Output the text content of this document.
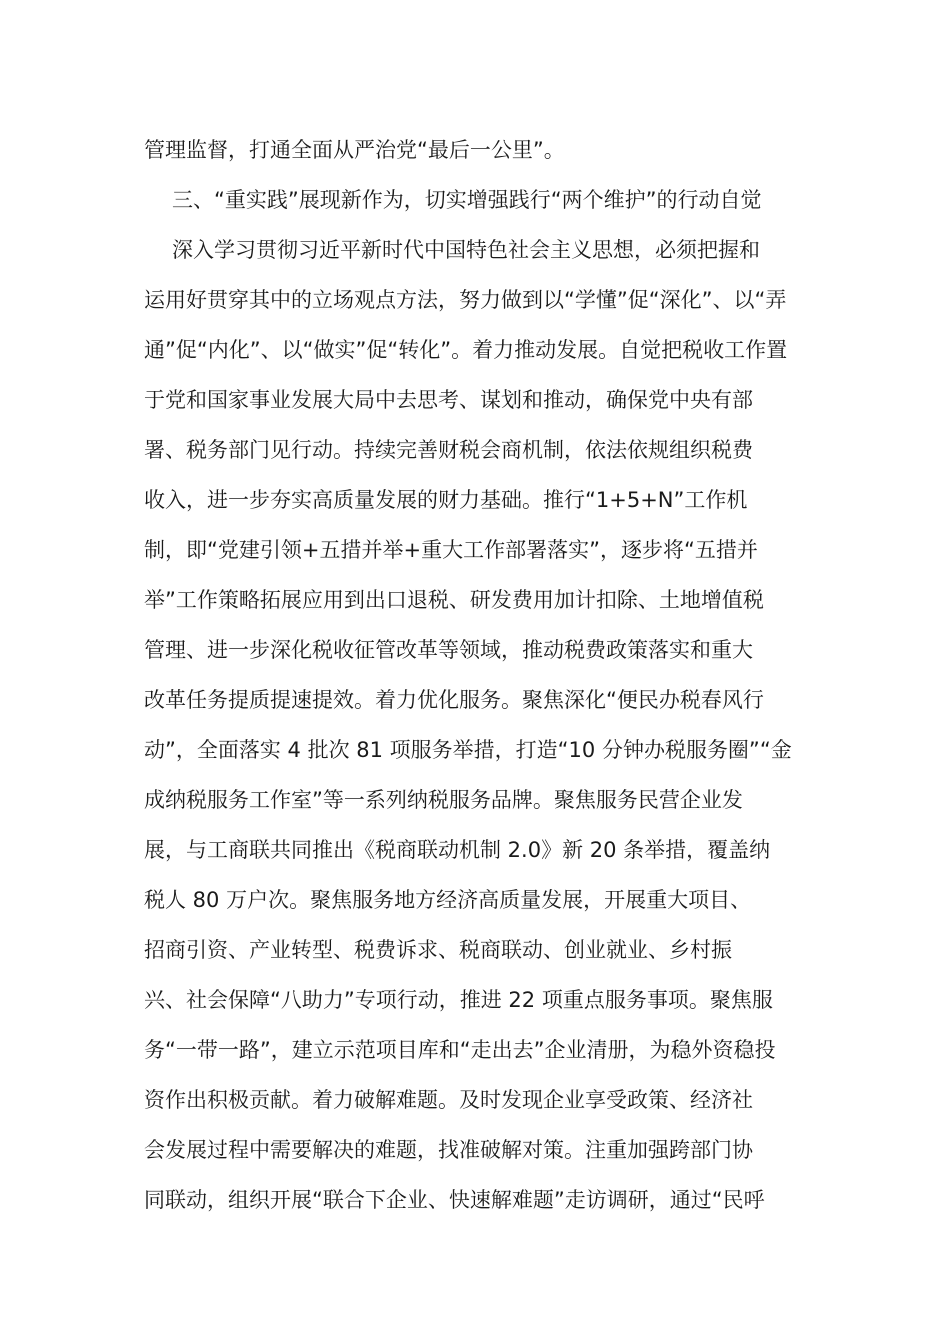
管理监督，打通全面从严治党“最后一公里”。
三、“重实践”展现新作为，切实增强践行“两个维护”的行动自觉
深入学习贯彻习近平新时代中国特色社会主义思想，必须把握和
运用好贯穿其中的立场观点方法，努力做到以“学懂”促“深化”、以“弄
通”促“内化”、以“做实”促“转化”。着力推动发展。自觉把税收工作置
于党和国家事业发展大局中去思考、谋划和推动，确保党中央有部
署、税务部门见行动。持续完善财税会商机制，依法依规组织税费
收入，进一步夯实高质量发展的财力基础。推行“1+5+N”工作机
制，即“党建引领+五措并举+重大工作部署落实”，逐步将“五措并
举”工作策略拓展应用到出口退税、研发费用加计扣除、土地增值税
管理、进一步深化税收征管改革等领域，推动税费政策落实和重大
改革任务提质提速提效。着力优化服务。聚焦深化“便民办税春风行
动”，全面落实 4 批次 81 项服务举措，打造“10 分钟办税服务圈”“金
成纳税服务工作室”等一系列纳税服务品牌。聚焦服务民营企业发
展，与工商联共同推出《税商联动机制 2.0》新 20 条举措，覆盖纳
税人 80 万户次。聚焦服务地方经济高质量发展，开展重大项目、
招商引资、产业转型、税费诉求、税商联动、创业就业、乡村振
兴、社会保障“八助力”专项行动，推进 22 项重点服务事项。聚焦服
务“一带一路”，建立示范项目库和“走出去”企业清册，为稳外资稳投
资作出积极贡献。着力破解难题。及时发现企业享受政策、经济社
会发展过程中需要解决的难题，找准破解对策。注重加强跨部门协
同联动，组织开展“联合下企业、快速解难题”走访调研，通过“民呼
